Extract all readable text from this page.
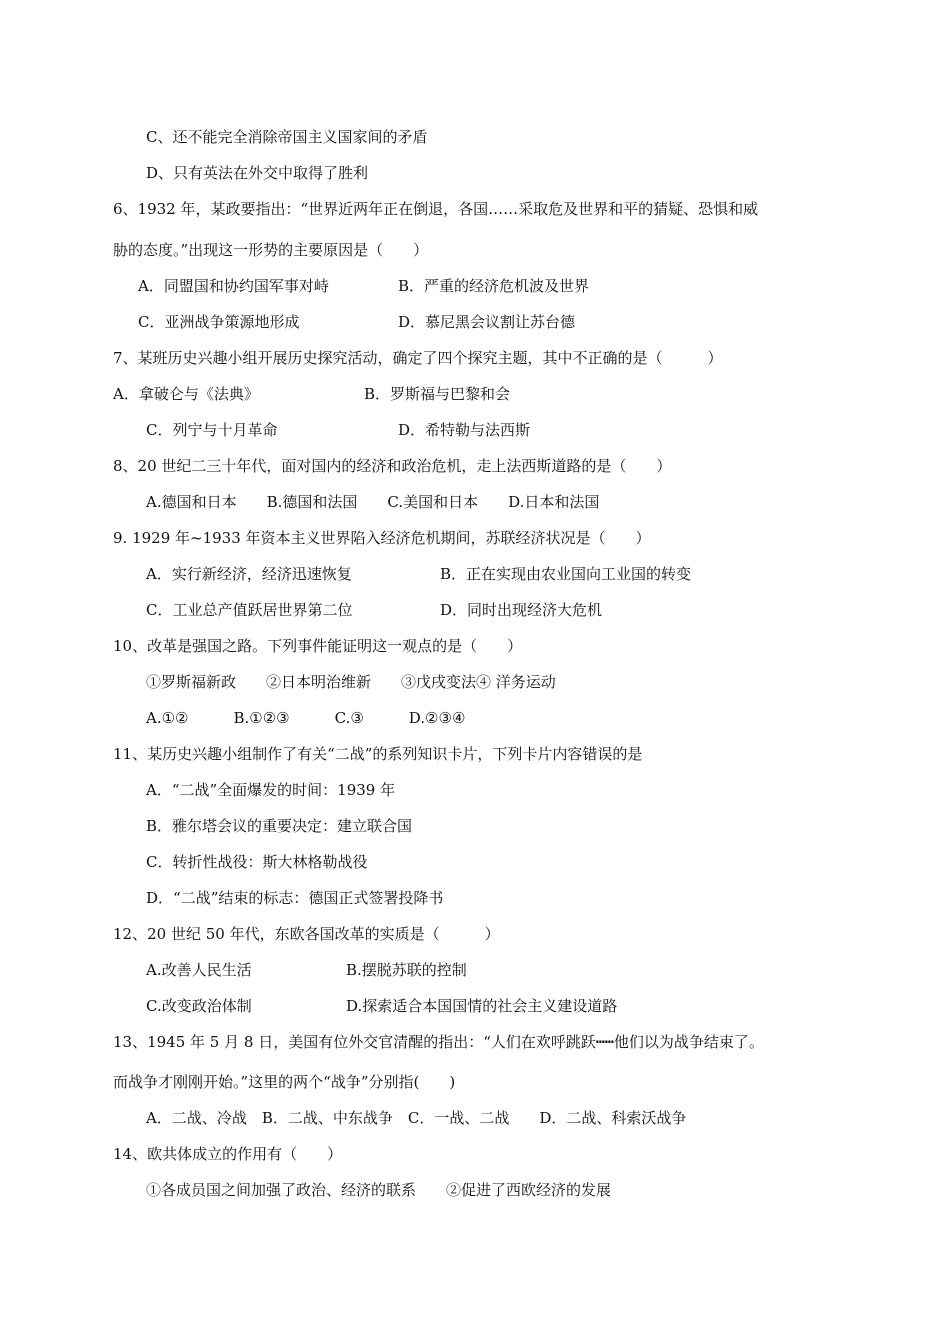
C、还不能完全消除帝国主义国家间的矛盾
D、只有英法在外交中取得了胜利
6、1932 年，某政要指出：“世界近两年正在倒退，各国……采取危及世界和平的猜疑、恐惧和威
胁的态度。”出现这一形势的主要原因是（　　）
A．同盟国和协约国军事对峙	B．严重的经济危机波及世界
C．亚洲战争策源地形成	D．慕尼黑会议割让苏台德
7、某班历史兴趣小组开展历史探究活动，确定了四个探究主题，其中不正确的是（　　　）
A．拿破仑与《法典》	B．罗斯福与巴黎和会
C．列宁与十月革命	D．希特勒与法西斯
8、20 世纪二三十年代，面对国内的经济和政治危机，走上法西斯道路的是（　　）
A.德国和日本　　B.德国和法国　　C.美国和日本　　D.日本和法国
9. 1929 年~1933 年资本主义世界陷入经济危机期间，苏联经济状况是（　　）
A．实行新经济，经济迅速恢复	B．正在实现由农业国向工业国的转变
C．工业总产值跃居世界第二位	D．同时出现经济大危机
10、改革是强国之路。下列事件能证明这一观点的是（　　）
①罗斯福新政　　②日本明治维新　　③戊戌变法④ 洋务运动
A.①②　　　B.①②③　　　C.③　　　D.②③④
11、某历史兴趣小组制作了有关“二战”的系列知识卡片，下列卡片内容错误的是
A．“二战”全面爆发的时间：1939 年
B．雅尔塔会议的重要决定：建立联合国
C．转折性战役：斯大林格勒战役
D．“二战”结束的标志：德国正式签署投降书
12、20 世纪 50 年代，东欧各国改革的实质是（　　　）
A.改善人民生活	B.摆脱苏联的控制
C.改变政治体制	D.探索适合本国国情的社会主义建设道路
13、1945 年 5 月 8 日，美国有位外交官清醒的指出：“人们在欢呼跳跃┅┅他们以为战争结束了。
而战争才刚刚开始。”这里的两个“战争”分别指(　　)
A．二战、冷战　B．二战、中东战争　C．一战、二战　　D．二战、科索沃战争
14、欧共体成立的作用有（　　）
①各成员国之间加强了政治、经济的联系　　②促进了西欧经济的发展
